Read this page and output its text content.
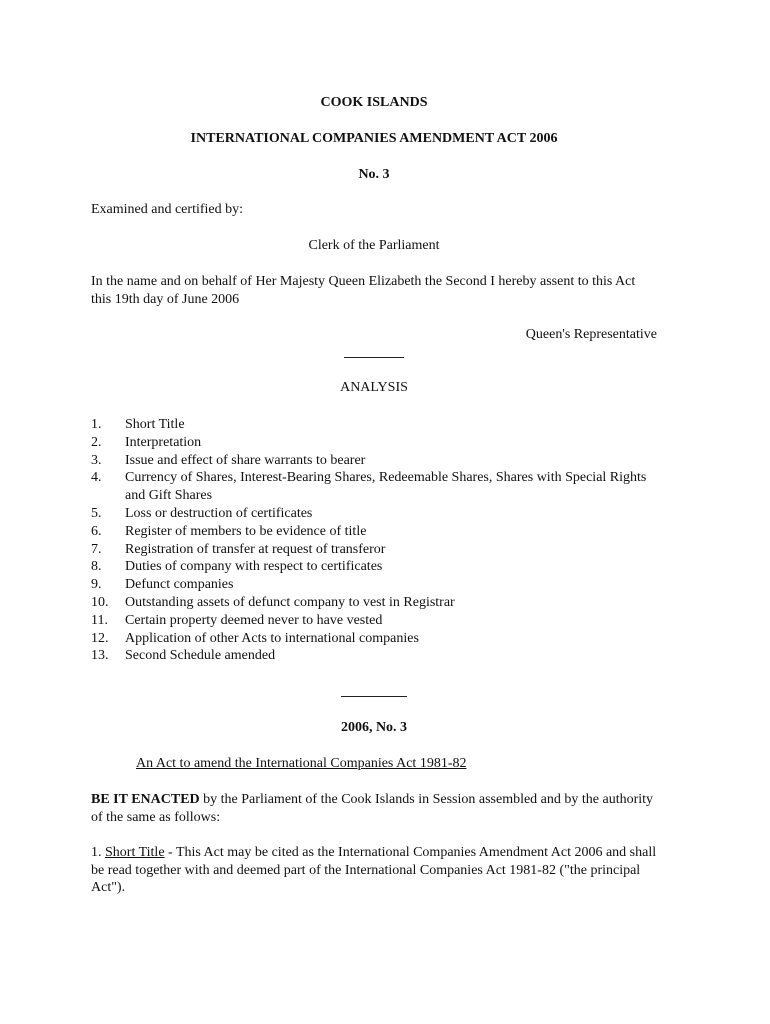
COOK ISLANDS
INTERNATIONAL COMPANIES AMENDMENT ACT 2006
No. 3
Examined and certified by:
Clerk of the Parliament
In the name and on behalf of Her Majesty Queen Elizabeth the Second I hereby assent to this Act this 19th day of June 2006
Queen's Representative
ANALYSIS
1. Short Title
2. Interpretation
3. Issue and effect of share warrants to bearer
4. Currency of Shares, Interest-Bearing Shares, Redeemable Shares, Shares with Special Rights and Gift Shares
5. Loss or destruction of certificates
6. Register of members to be evidence of title
7. Registration of transfer at request of transferor
8. Duties of company with respect to certificates
9. Defunct companies
10. Outstanding assets of defunct company to vest in Registrar
11. Certain property deemed never to have vested
12. Application of other Acts to international companies
13. Second Schedule amended
2006, No. 3
An Act to amend the International Companies Act 1981-82
BE IT ENACTED by the Parliament of the Cook Islands in Session assembled and by the authority of the same as follows:
1. Short Title - This Act may be cited as the International Companies Amendment Act 2006 and shall be read together with and deemed part of the International Companies Act 1981-82 ("the principal Act").
